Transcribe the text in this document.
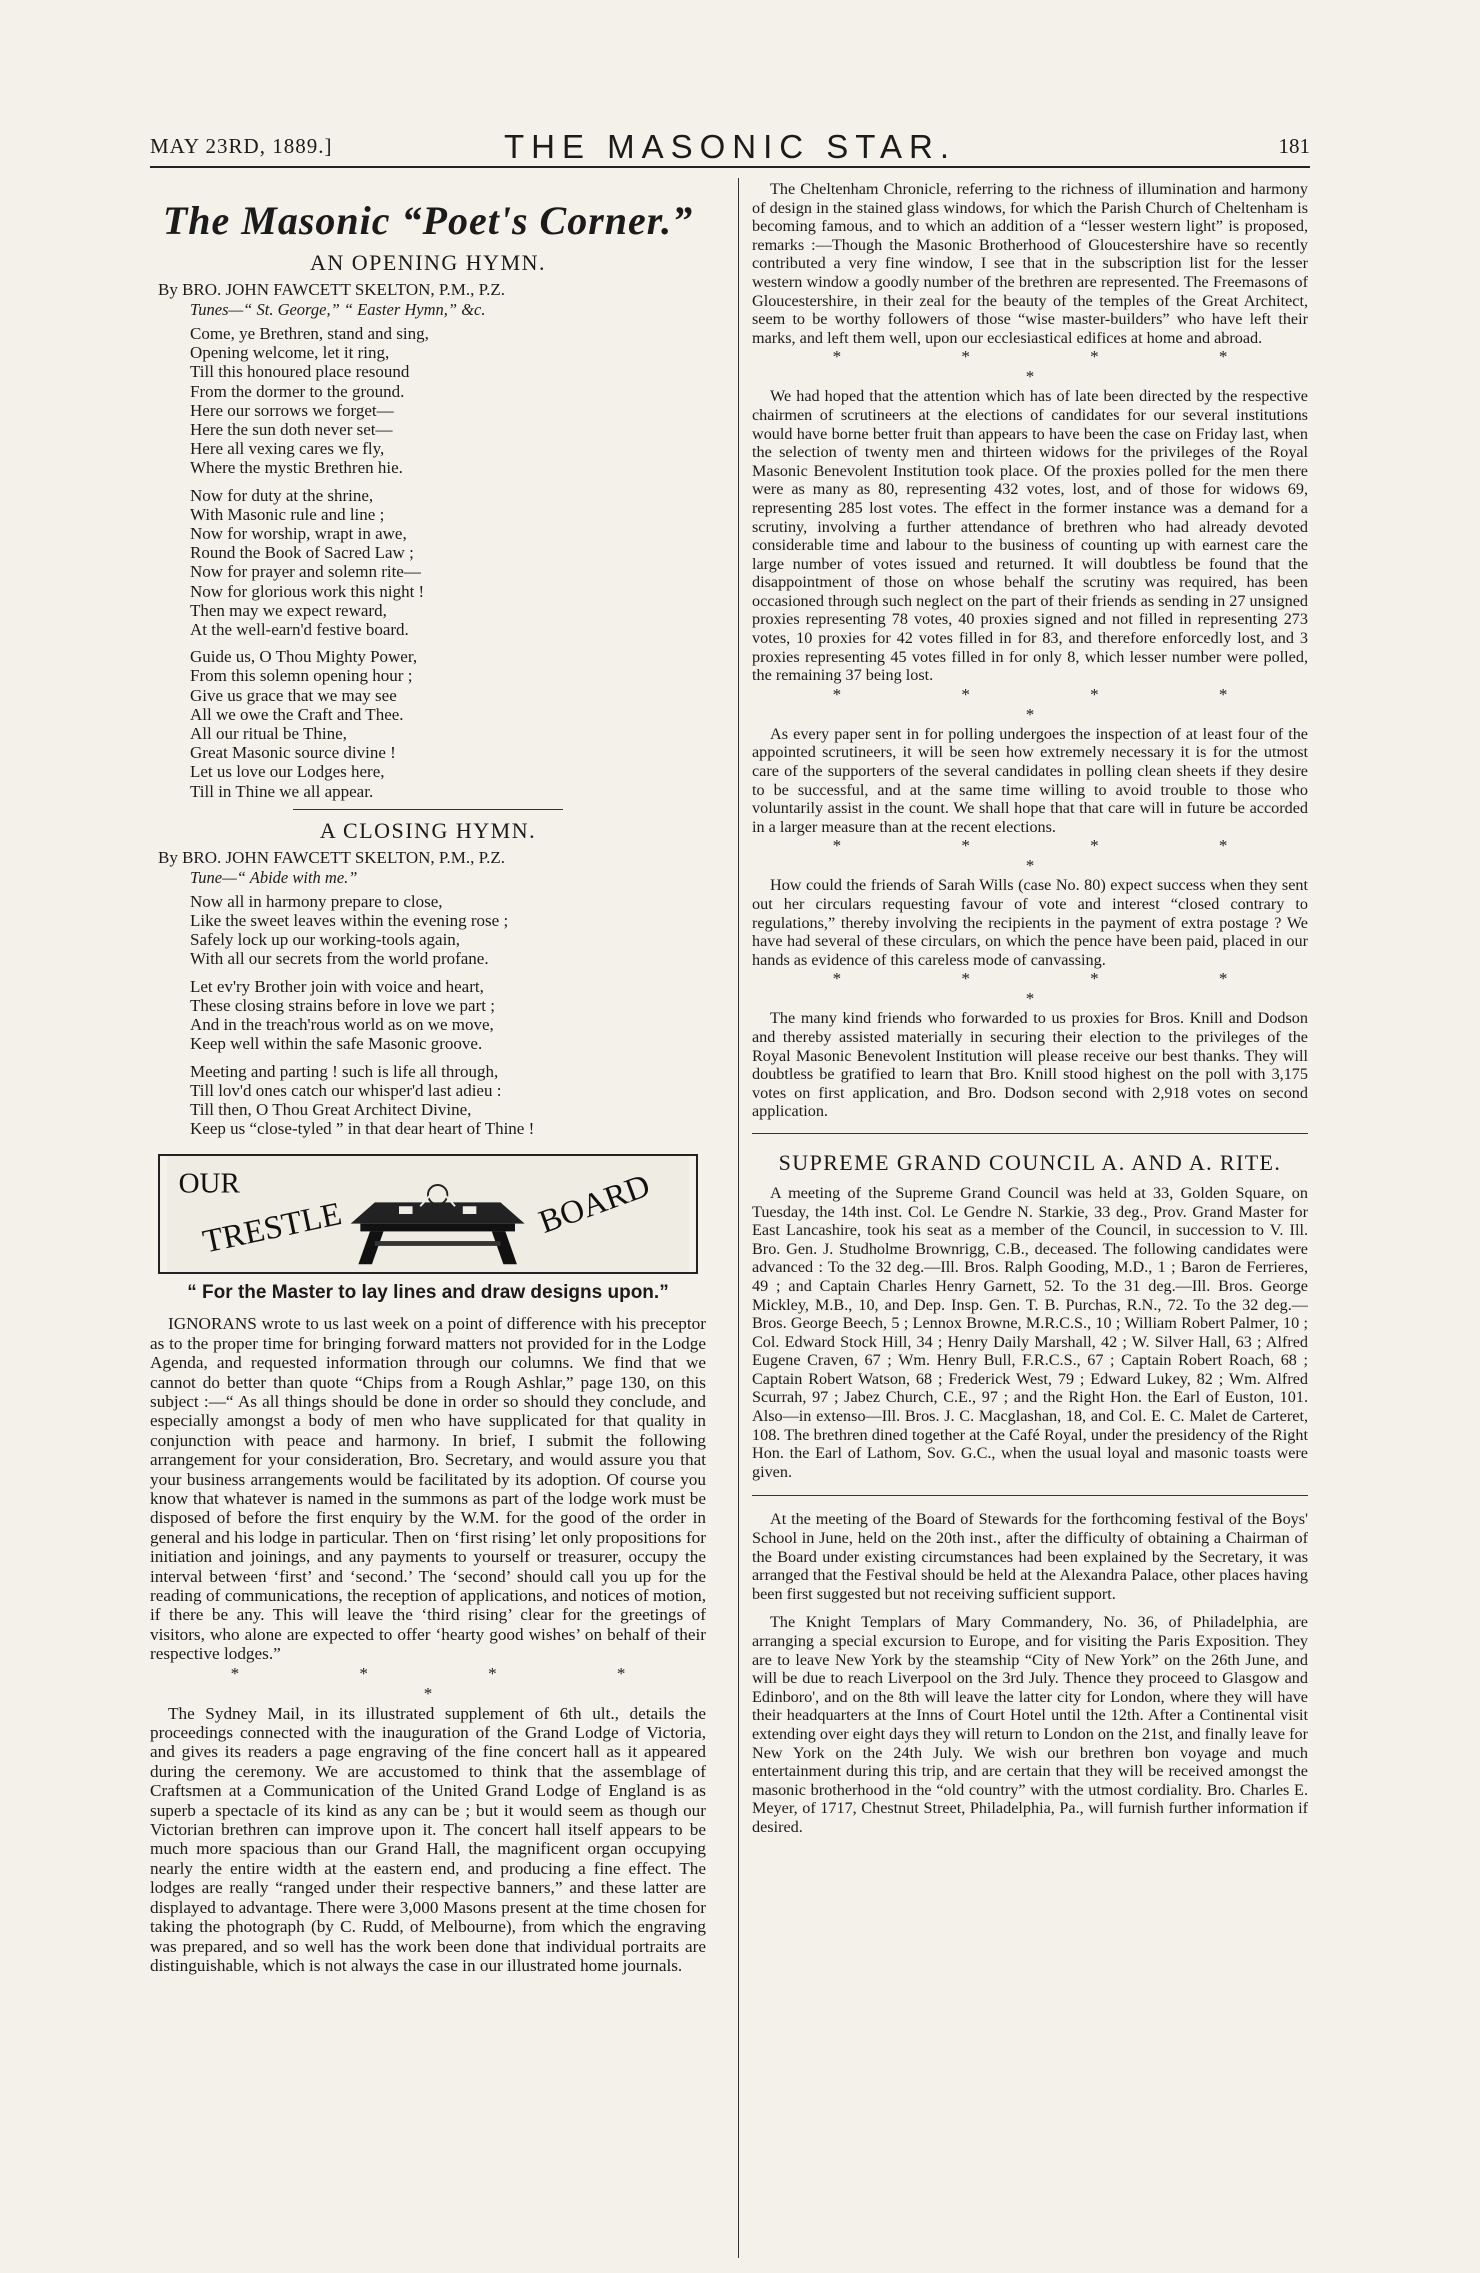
MAY 23RD, 1889.]	THE MASONIC STAR.	181
The Masonic “Poet's Corner.”
AN OPENING HYMN.
By BRO. JOHN FAWCETT SKELTON, P.M., P.Z.
Tunes—“ St. George,” “ Easter Hymn,” &c.
Come, ye Brethren, stand and sing,
Opening welcome, let it ring,
Till this honoured place resound
From the dormer to the ground.
Here our sorrows we forget—
Here the sun doth never set—
Here all vexing cares we fly,
Where the mystic Brethren hie.
Now for duty at the shrine,
With Masonic rule and line ;
Now for worship, wrapt in awe,
Round the Book of Sacred Law ;
Now for prayer and solemn rite—
Now for glorious work this night !
Then may we expect reward,
At the well-earn'd festive board.
Guide us, O Thou Mighty Power,
From this solemn opening hour ;
Give us grace that we may see
All we owe the Craft and Thee.
All our ritual be Thine,
Great Masonic source divine !
Let us love our Lodges here,
Till in Thine we all appear.
A CLOSING HYMN.
By BRO. JOHN FAWCETT SKELTON, P.M., P.Z.
Tune—“ Abide with me.”
Now all in harmony prepare to close,
Like the sweet leaves within the evening rose ;
Safely lock up our working-tools again,
With all our secrets from the world profane.
Let ev'ry Brother join with voice and heart,
These closing strains before in love we part ;
And in the treach'rous world as on we move,
Keep well within the safe Masonic groove.
Meeting and parting ! such is life all through,
Till lov'd ones catch our whisper'd last adieu :
Till then, O Thou Great Architect Divine,
Keep us “close-tyled ” in that dear heart of Thine !
OUR
TRESTLE	BOARD
“ For the Master to lay lines and draw designs upon.”

IGNORANS wrote to us last week on a point of difference with his preceptor as to the proper time for bringing forward matters not provided for in the Lodge Agenda, and requested information through our columns. We find that we cannot do better than quote “Chips from a Rough Ashlar,” page 130, on this subject :—“ As all things should be done in order so should they conclude, and especially amongst a body of men who have supplicated for that quality in conjunction with peace and harmony. In brief, I submit the following arrangement for your consideration, Bro. Secretary, and would assure you that your business arrangements would be facilitated by its adoption. Of course you know that whatever is named in the summons as part of the lodge work must be disposed of before the first enquiry by the W.M. for the good of the order in general and his lodge in particular. Then on ‘first rising’ let only propositions for initiation and joinings, and any payments to yourself or treasurer, occupy the interval between ‘first’ and ‘second.’ The ‘second’ should call you up for the reading of communications, the reception of applications, and notices of motion, if there be any. This will leave the ‘third rising’ clear for the greetings of visitors, who alone are expected to offer ‘hearty good wishes’ on behalf of their respective lodges.”

* * * * *

The Sydney Mail, in its illustrated supplement of 6th ult., details the proceedings connected with the inauguration of the Grand Lodge of Victoria, and gives its readers a page engraving of the fine concert hall as it appeared during the ceremony. We are accustomed to think that the assemblage of Craftsmen at a Communication of the United Grand Lodge of England is as superb a spectacle of its kind as any can be ; but it would seem as though our Victorian brethren can improve upon it. The concert hall itself appears to be much more spacious than our Grand Hall, the magnificent organ occupying nearly the entire width at the eastern end, and producing a fine effect. The lodges are really “ranged under their respective banners,” and these latter are displayed to advantage. There were 3,000 Masons present at the time chosen for taking the photograph (by C. Rudd, of Melbourne), from which the engraving was prepared, and so well has the work been done that individual portraits are distinguishable, which is not always the case in our illustrated home journals.

The Cheltenham Chronicle, referring to the richness of illumination and harmony of design in the stained glass windows, for which the Parish Church of Cheltenham is becoming famous, and to which an addition of a “lesser western light” is proposed, remarks :—Though the Masonic Brotherhood of Gloucestershire have so recently contributed a very fine window, I see that in the subscription list for the lesser western window a goodly number of the brethren are represented. The Freemasons of Gloucestershire, in their zeal for the beauty of the temples of the Great Architect, seem to be worthy followers of those “wise master-builders” who have left their marks, and left them well, upon our ecclesiastical edifices at home and abroad.

* * * * *

We had hoped that the attention which has of late been directed by the respective chairmen of scrutineers at the elections of candidates for our several institutions would have borne better fruit than appears to have been the case on Friday last, when the selection of twenty men and thirteen widows for the privileges of the Royal Masonic Benevolent Institution took place. Of the proxies polled for the men there were as many as 80, representing 432 votes, lost, and of those for widows 69, representing 285 lost votes. The effect in the former instance was a demand for a scrutiny, involving a further attendance of brethren who had already devoted considerable time and labour to the business of counting up with earnest care the large number of votes issued and returned. It will doubtless be found that the disappointment of those on whose behalf the scrutiny was required, has been occasioned through such neglect on the part of their friends as sending in 27 unsigned proxies representing 78 votes, 40 proxies signed and not filled in representing 273 votes, 10 proxies for 42 votes filled in for 83, and therefore enforcedly lost, and 3 proxies representing 45 votes filled in for only 8, which lesser number were polled, the remaining 37 being lost.

* * * * *

As every paper sent in for polling undergoes the inspection of at least four of the appointed scrutineers, it will be seen how extremely necessary it is for the utmost care of the supporters of the several candidates in polling clean sheets if they desire to be successful, and at the same time willing to avoid trouble to those who voluntarily assist in the count. We shall hope that that care will in future be accorded in a larger measure than at the recent elections.

* * * * *

How could the friends of Sarah Wills (case No. 80) expect success when they sent out her circulars requesting favour of vote and interest “closed contrary to regulations,” thereby involving the recipients in the payment of extra postage ? We have had several of these circulars, on which the pence have been paid, placed in our hands as evidence of this careless mode of canvassing.

* * * * *

The many kind friends who forwarded to us proxies for Bros. Knill and Dodson and thereby assisted materially in securing their election to the privileges of the Royal Masonic Benevolent Institution will please receive our best thanks. They will doubtless be gratified to learn that Bro. Knill stood highest on the poll with 3,175 votes on first application, and Bro. Dodson second with 2,918 votes on second application.

SUPREME GRAND COUNCIL A. AND A. RITE.

A meeting of the Supreme Grand Council was held at 33, Golden Square, on Tuesday, the 14th inst. Col. Le Gendre N. Starkie, 33 deg., Prov. Grand Master for East Lancashire, took his seat as a member of the Council, in succession to V. Ill. Bro. Gen. J. Studholme Brownrigg, C.B., deceased. The following candidates were advanced : To the 32 deg.—Ill. Bros. Ralph Gooding, M.D., 1 ; Baron de Ferrieres, 49 ; and Captain Charles Henry Garnett, 52. To the 31 deg.—Ill. Bros. George Mickley, M.B., 10, and Dep. Insp. Gen. T. B. Purchas, R.N., 72. To the 32 deg.—Bros. George Beech, 5 ; Lennox Browne, M.R.C.S., 10 ; William Robert Palmer, 10 ; Col. Edward Stock Hill, 34 ; Henry Daily Marshall, 42 ; W. Silver Hall, 63 ; Alfred Eugene Craven, 67 ; Wm. Henry Bull, F.R.C.S., 67 ; Captain Robert Roach, 68 ; Captain Robert Watson, 68 ; Frederick West, 79 ; Edward Lukey, 82 ; Wm. Alfred Scurrah, 97 ; Jabez Church, C.E., 97 ; and the Right Hon. the Earl of Euston, 101. Also—in extenso—Ill. Bros. J. C. Macglashan, 18, and Col. E. C. Malet de Carteret, 108. The brethren dined together at the Café Royal, under the presidency of the Right Hon. the Earl of Lathom, Sov. G.C., when the usual loyal and masonic toasts were given.

At the meeting of the Board of Stewards for the forthcoming festival of the Boys' School in June, held on the 20th inst., after the difficulty of obtaining a Chairman of the Board under existing circumstances had been explained by the Secretary, it was arranged that the Festival should be held at the Alexandra Palace, other places having been first suggested but not receiving sufficient support.

The Knight Templars of Mary Commandery, No. 36, of Philadelphia, are arranging a special excursion to Europe, and for visiting the Paris Exposition. They are to leave New York by the steamship “City of New York” on the 26th June, and will be due to reach Liverpool on the 3rd July. Thence they proceed to Glasgow and Edinboro', and on the 8th will leave the latter city for London, where they will have their headquarters at the Inns of Court Hotel until the 12th. After a Continental visit extending over eight days they will return to London on the 21st, and finally leave for New York on the 24th July. We wish our brethren bon voyage and much entertainment during this trip, and are certain that they will be received amongst the masonic brotherhood in the “old country” with the utmost cordiality. Bro. Charles E. Meyer, of 1717, Chestnut Street, Philadelphia, Pa., will furnish further information if desired.
